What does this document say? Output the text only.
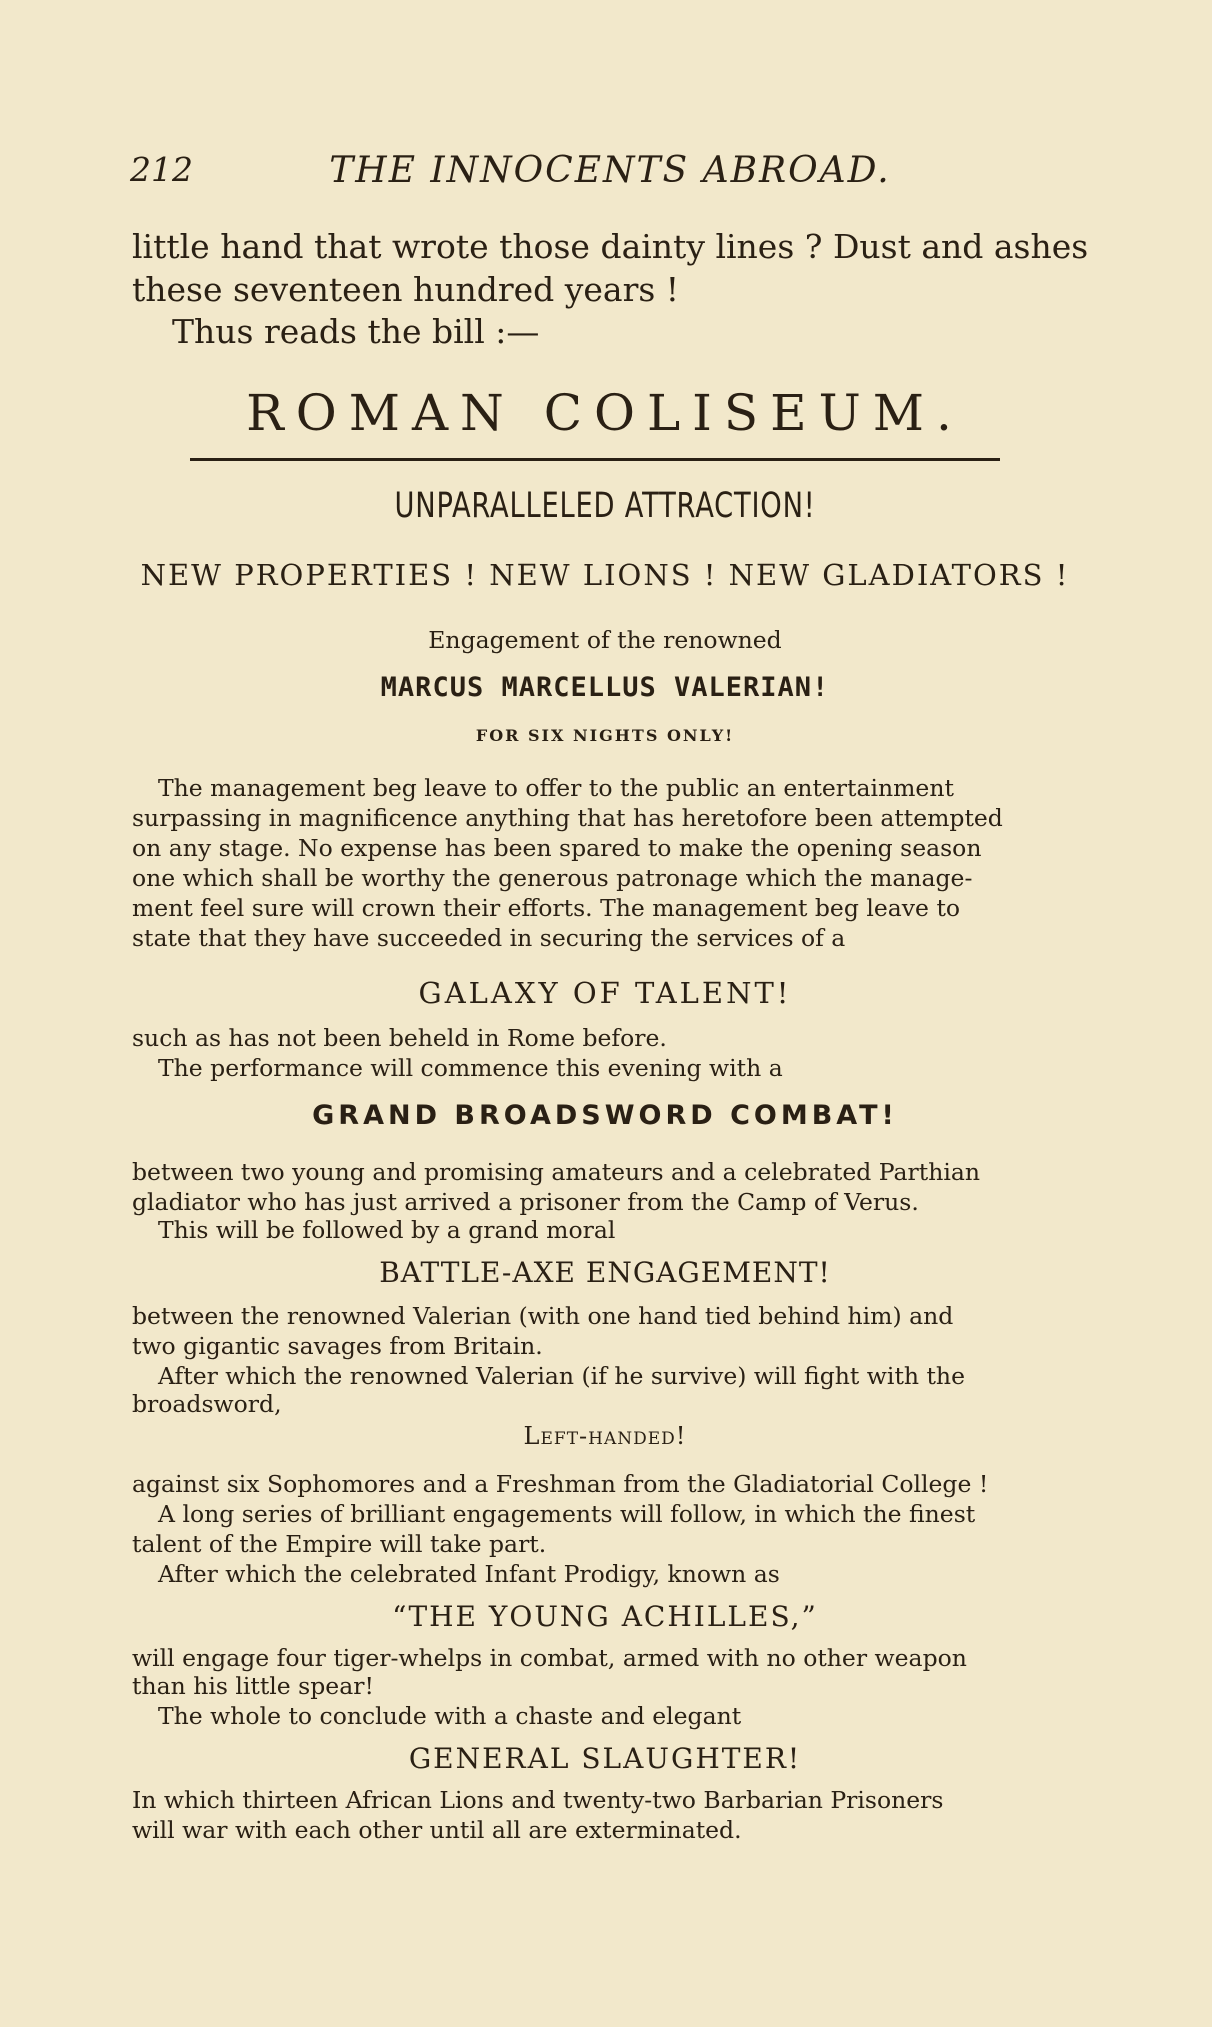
212	THE INNOCENTS ABROAD.
little hand that wrote those dainty lines ? Dust and ashes
these seventeen hundred years !
Thus reads the bill :—
ROMAN COLISEUM.
UNPARALLELED ATTRACTION!
NEW PROPERTIES ! NEW LIONS ! NEW GLADIATORS !
Engagement of the renowned
MARCUS MARCELLUS VALERIAN!
FOR SIX NIGHTS ONLY!
The management beg leave to offer to the public an entertainment
surpassing in magnificence anything that has heretofore been attempted
on any stage. No expense has been spared to make the opening season
one which shall be worthy the generous patronage which the manage-
ment feel sure will crown their efforts. The management beg leave to
state that they have succeeded in securing the services of a
GALAXY OF TALENT!
such as has not been beheld in Rome before.
The performance will commence this evening with a
GRAND BROADSWORD COMBAT!
between two young and promising amateurs and a celebrated Parthian
gladiator who has just arrived a prisoner from the Camp of Verus.
This will be followed by a grand moral
BATTLE-AXE ENGAGEMENT!
between the renowned Valerian (with one hand tied behind him) and
two gigantic savages from Britain.
After which the renowned Valerian (if he survive) will fight with the
broadsword,
Left-handed!
against six Sophomores and a Freshman from the Gladiatorial College !
A long series of brilliant engagements will follow, in which the finest
talent of the Empire will take part.
After which the celebrated Infant Prodigy, known as
“THE YOUNG ACHILLES,”
will engage four tiger-whelps in combat, armed with no other weapon
than his little spear!
The whole to conclude with a chaste and elegant
GENERAL SLAUGHTER!
In which thirteen African Lions and twenty-two Barbarian Prisoners
will war with each other until all are exterminated.
